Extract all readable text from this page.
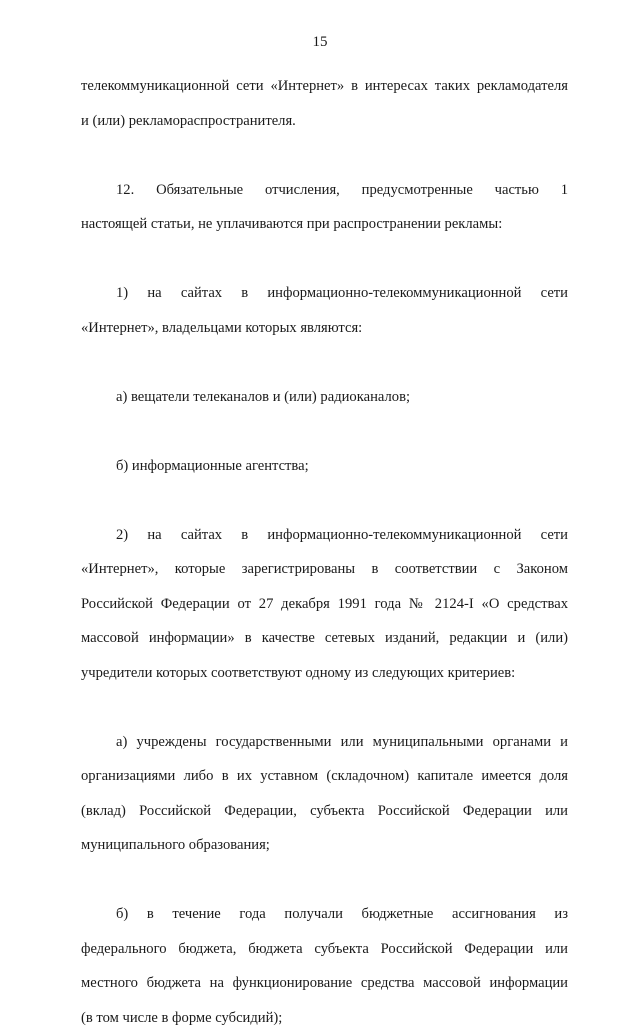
15
телекоммуникационной сети «Интернет» в интересах таких рекламодателя
и (или) рекламораспространителя.
12. Обязательные отчисления, предусмотренные частью 1
настоящей статьи, не уплачиваются при распространении рекламы:
1) на сайтах в информационно-телекоммуникационной сети
«Интернет», владельцами которых являются:
а) вещатели телеканалов и (или) радиоканалов;
б) информационные агентства;
2) на сайтах в информационно-телекоммуникационной сети
«Интернет», которые зарегистрированы в соответствии с Законом
Российской Федерации от 27 декабря 1991 года № 2124-I «О средствах
массовой информации» в качестве сетевых изданий, редакции и (или)
учредители которых соответствуют одному из следующих критериев:
а) учреждены государственными или муниципальными органами и
организациями либо в их уставном (складочном) капитале имеется доля
(вклад) Российской Федерации, субъекта Российской Федерации или
муниципального образования;
б) в течение года получали бюджетные ассигнования из
федерального бюджета, бюджета субъекта Российской Федерации или
местного бюджета на функционирование средства массовой информации
(в том числе в форме субсидий);
